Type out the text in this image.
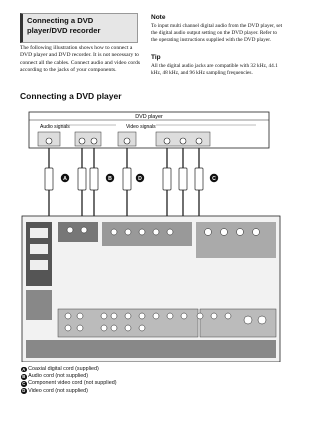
Connecting a DVD player/DVD recorder

The following illustration shows how to connect a DVD player and DVD recorder. It is not necessary to connect all the cables. Connect audio and video cords according to the jacks of your components.

Note

To input multi channel digital audio from the DVD player, set the digital audio output setting on the DVD player. Refer to the operating instructions supplied with the DVD player.

Tip

All the digital audio jacks are compatible with 32 kHz, 44.1 kHz, 48 kHz, and 96 kHz sampling frequencies.

Connecting a DVD player
DVD player
Audio signals	Video signals
A	B	D	C
A Coaxial digital cord (supplied)
B Audio cord (not supplied)
C Component video cord (not supplied)
D Video cord (not supplied)
